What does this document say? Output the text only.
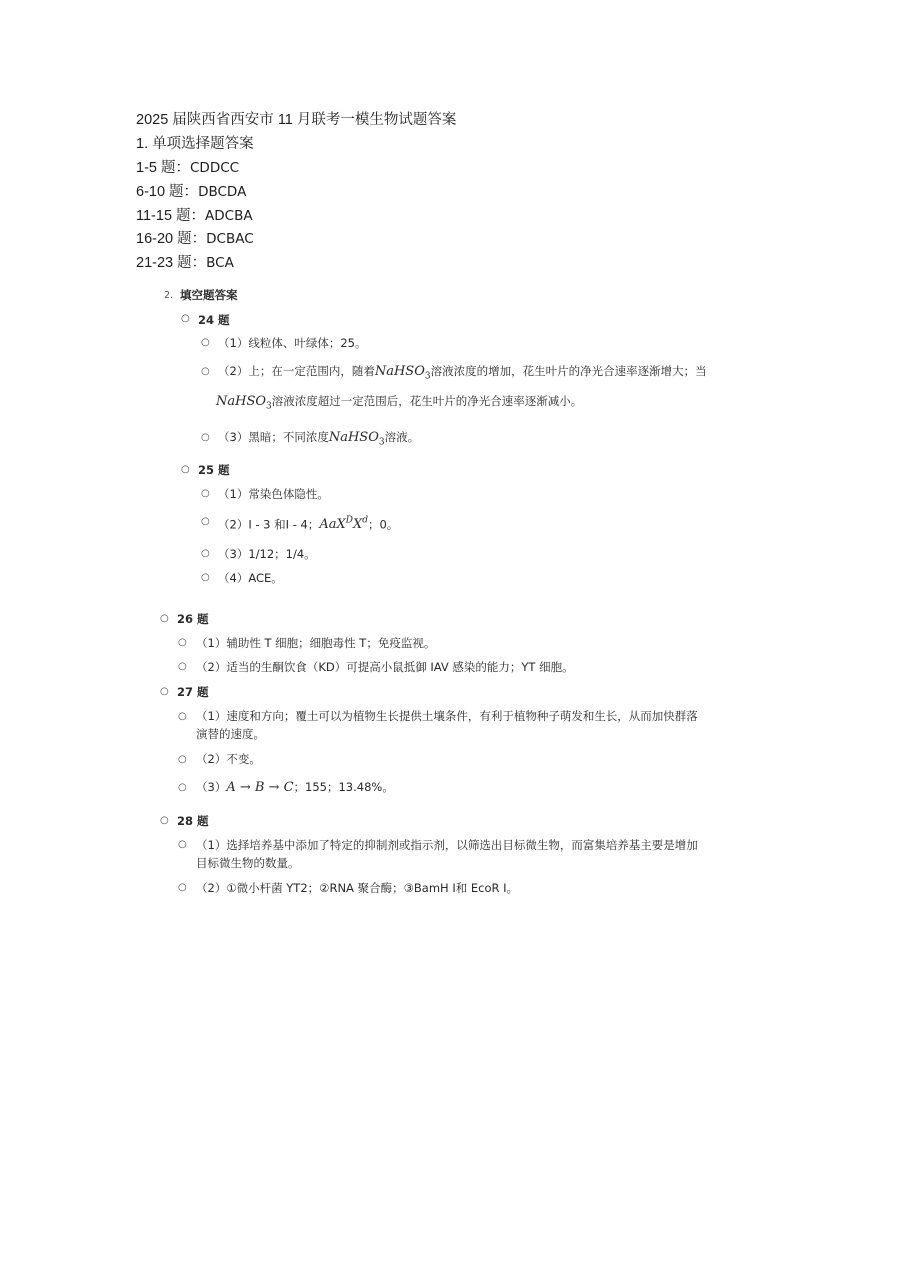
2025 届陕西省西安市 11 月联考一模生物试题答案
1. 单项选择题答案
1-5 题：CDDCC
6-10 题：DBCDA
11-15 题：ADCBA
16-20 题：DCBAC
21-23 题：BCA
2. 填空题答案
○ 24 题
○ （1）线粒体、叶绿体；25。
○ （2）上；在一定范围内，随着NaHSO$_3$溶液浓度的增加，花生叶片的净光合速率逐渐增大；当
NaHSO$_3$溶液浓度超过一定范围后，花生叶片的净光合速率逐渐减小。
○ （3）黑暗；不同浓度NaHSO$_3$溶液。
○ 25 题
○ （1）常染色体隐性。
○ （2）Ⅰ - 3 和Ⅰ - 4；$AaX^DX^d$；0。
○ （3）1/12；1/4。
○ （4）ACE。
○ 26 题
○ （1）辅助性 T 细胞；细胞毒性 T；免疫监视。
○ （2）适当的生酮饮食（KD）可提高小鼠抵御 IAV 感染的能力；YT 细胞。
○ 27 题
○ （1）速度和方向；覆土可以为植物生长提供土壤条件，有利于植物种子萌发和生长，从而加快群落
演替的速度。
○ （2）不变。
○ （3）A → B → C；155；13.48%。
○ 28 题
○ （1）选择培养基中添加了特定的抑制剂或指示剂，以筛选出目标微生物，而富集培养基主要是增加
目标微生物的数量。
○ （2）①微小杆菌 YT2；②RNA 聚合酶；③BamH Ⅰ和 EcoR Ⅰ。
